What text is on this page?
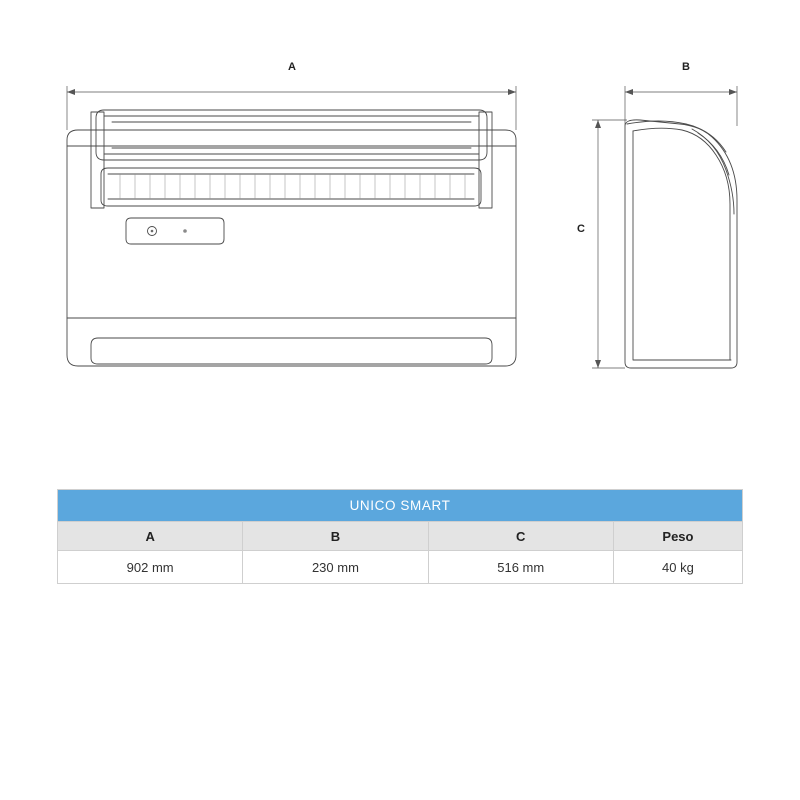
A	B
C
UNICO SMART			
A	B	C	Peso
902 mm	230 mm	516 mm	40 kg
